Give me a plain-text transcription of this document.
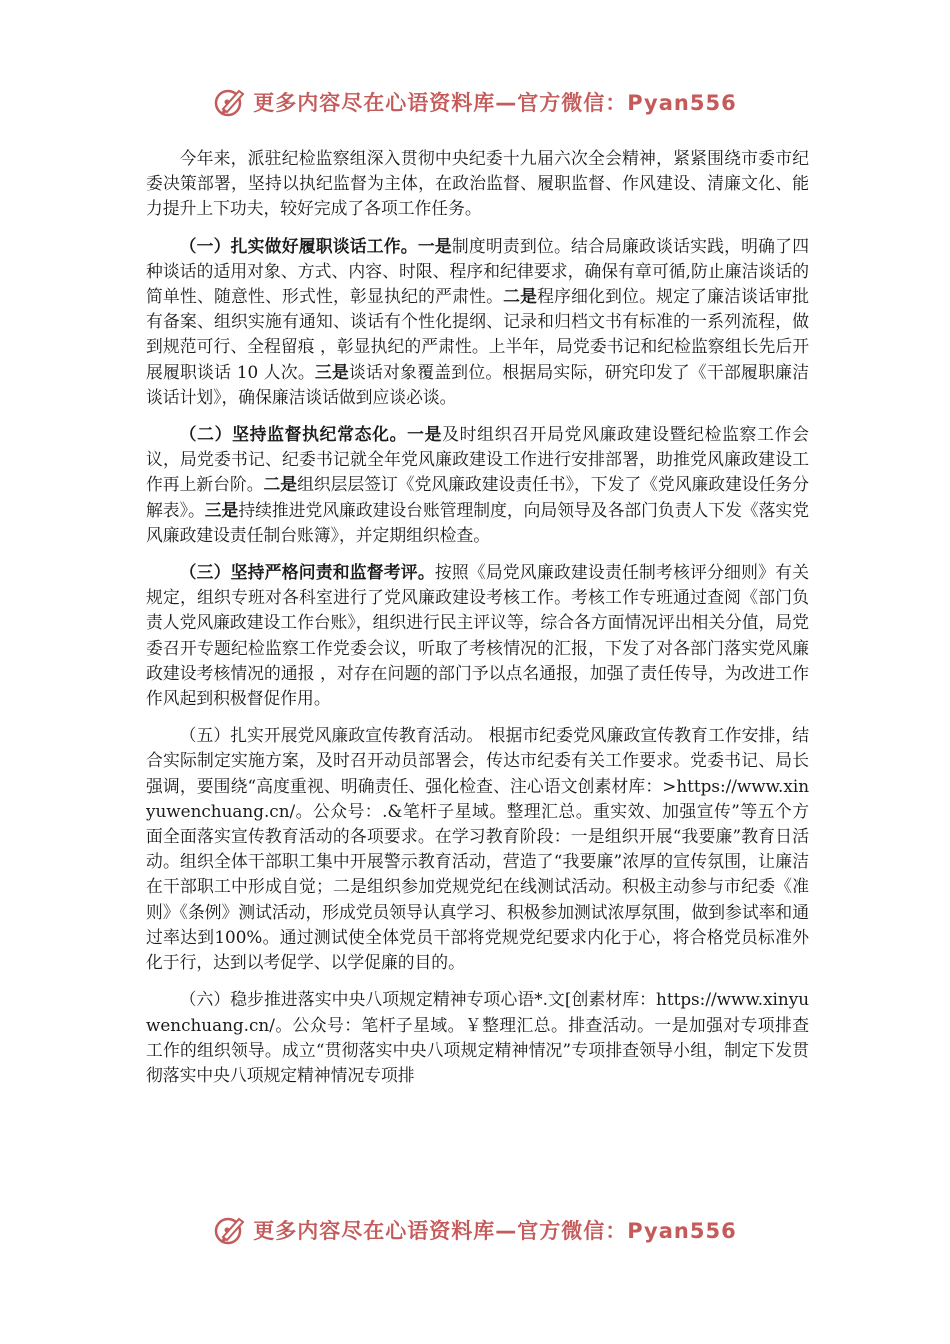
更多内容尽在心语资料库—官方微信：Pyan556

今年来，派驻纪检监察组深入贯彻中央纪委十九届六次全会精神，紧紧围绕市委市纪委决策部署，坚持以执纪监督为主体，在政治监督、履职监督、作风建设、清廉文化、能力提升上下功夫，较好完成了各项工作任务。

（一）扎实做好履职谈话工作。一是制度明责到位。结合局廉政谈话实践，明确了四种谈话的适用对象、方式、内容、时限、程序和纪律要求，确保有章可循,防止廉洁谈话的简单性、随意性、形式性，彰显执纪的严肃性。二是程序细化到位。规定了廉洁谈话审批有备案、组织实施有通知、谈话有个性化提纲、记录和归档文书有标准的一系列流程，做到规范可行、全程留痕 ，彰显执纪的严肃性。上半年，局党委书记和纪检监察组长先后开展履职谈话 10 人次。三是谈话对象覆盖到位。根据局实际，研究印发了《干部履职廉洁谈话计划》，确保廉洁谈话做到应谈必谈。

（二）坚持监督执纪常态化。一是及时组织召开局党风廉政建设暨纪检监察工作会议，局党委书记、纪委书记就全年党风廉政建设工作进行安排部署，助推党风廉政建设工作再上新台阶。二是组织层层签订《党风廉政建设责任书》，下发了《党风廉政建设任务分解表》。三是持续推进党风廉政建设台账管理制度，向局领导及各部门负责人下发《落实党风廉政建设责任制台账簿》，并定期组织检查。

（三）坚持严格问责和监督考评。按照《局党风廉政建设责任制考核评分细则》有关规定，组织专班对各科室进行了党风廉政建设考核工作。考核工作专班通过查阅《部门负责人党风廉政建设工作台账》，组织进行民主评议等，综合各方面情况评出相关分值，局党委召开专题纪检监察工作党委会议，听取了考核情况的汇报，下发了对各部门落实党风廉政建设考核情况的通报 ，对存在问题的部门予以点名通报，加强了责任传导，为改进工作作风起到积极督促作用。

（五）扎实开展党风廉政宣传教育活动。 根据市纪委党风廉政宣传教育工作安排，结合实际制定实施方案，及时召开动员部署会，传达市纪委有关工作要求。党委书记、局长强调，要围绕“高度重视、明确责任、强化检查、注心语文创素材库：>https://www.xinyuwenchuang.cn/。公众号：.&笔杆子星域。整理汇总。重实效、加强宣传”等五个方面全面落实宣传教育活动的各项要求。在学习教育阶段：一是组织开展“我要廉”教育日活动。组织全体干部职工集中开展警示教育活动，营造了“我要廉”浓厚的宣传氛围，让廉洁在干部职工中形成自觉；二是组织参加党规党纪在线测试活动。积极主动参与市纪委《准则》《条例》测试活动，形成党员领导认真学习、积极参加测试浓厚氛围，做到参试率和通过率达到100%。通过测试使全体党员干部将党规党纪要求内化于心，将合格党员标准外化于行，达到以考促学、以学促廉的目的。

（六）稳步推进落实中央八项规定精神专项心语*.文[创素材库：https://www.xinyuwenchuang.cn/。公众号：笔杆子星域。￥整理汇总。排查活动。一是加强对专项排查工作的组织领导。成立“贯彻落实中央八项规定精神情况”专项排查领导小组，制定下发贯彻落实中央八项规定精神情况专项排

更多内容尽在心语资料库—官方微信：Pyan556
